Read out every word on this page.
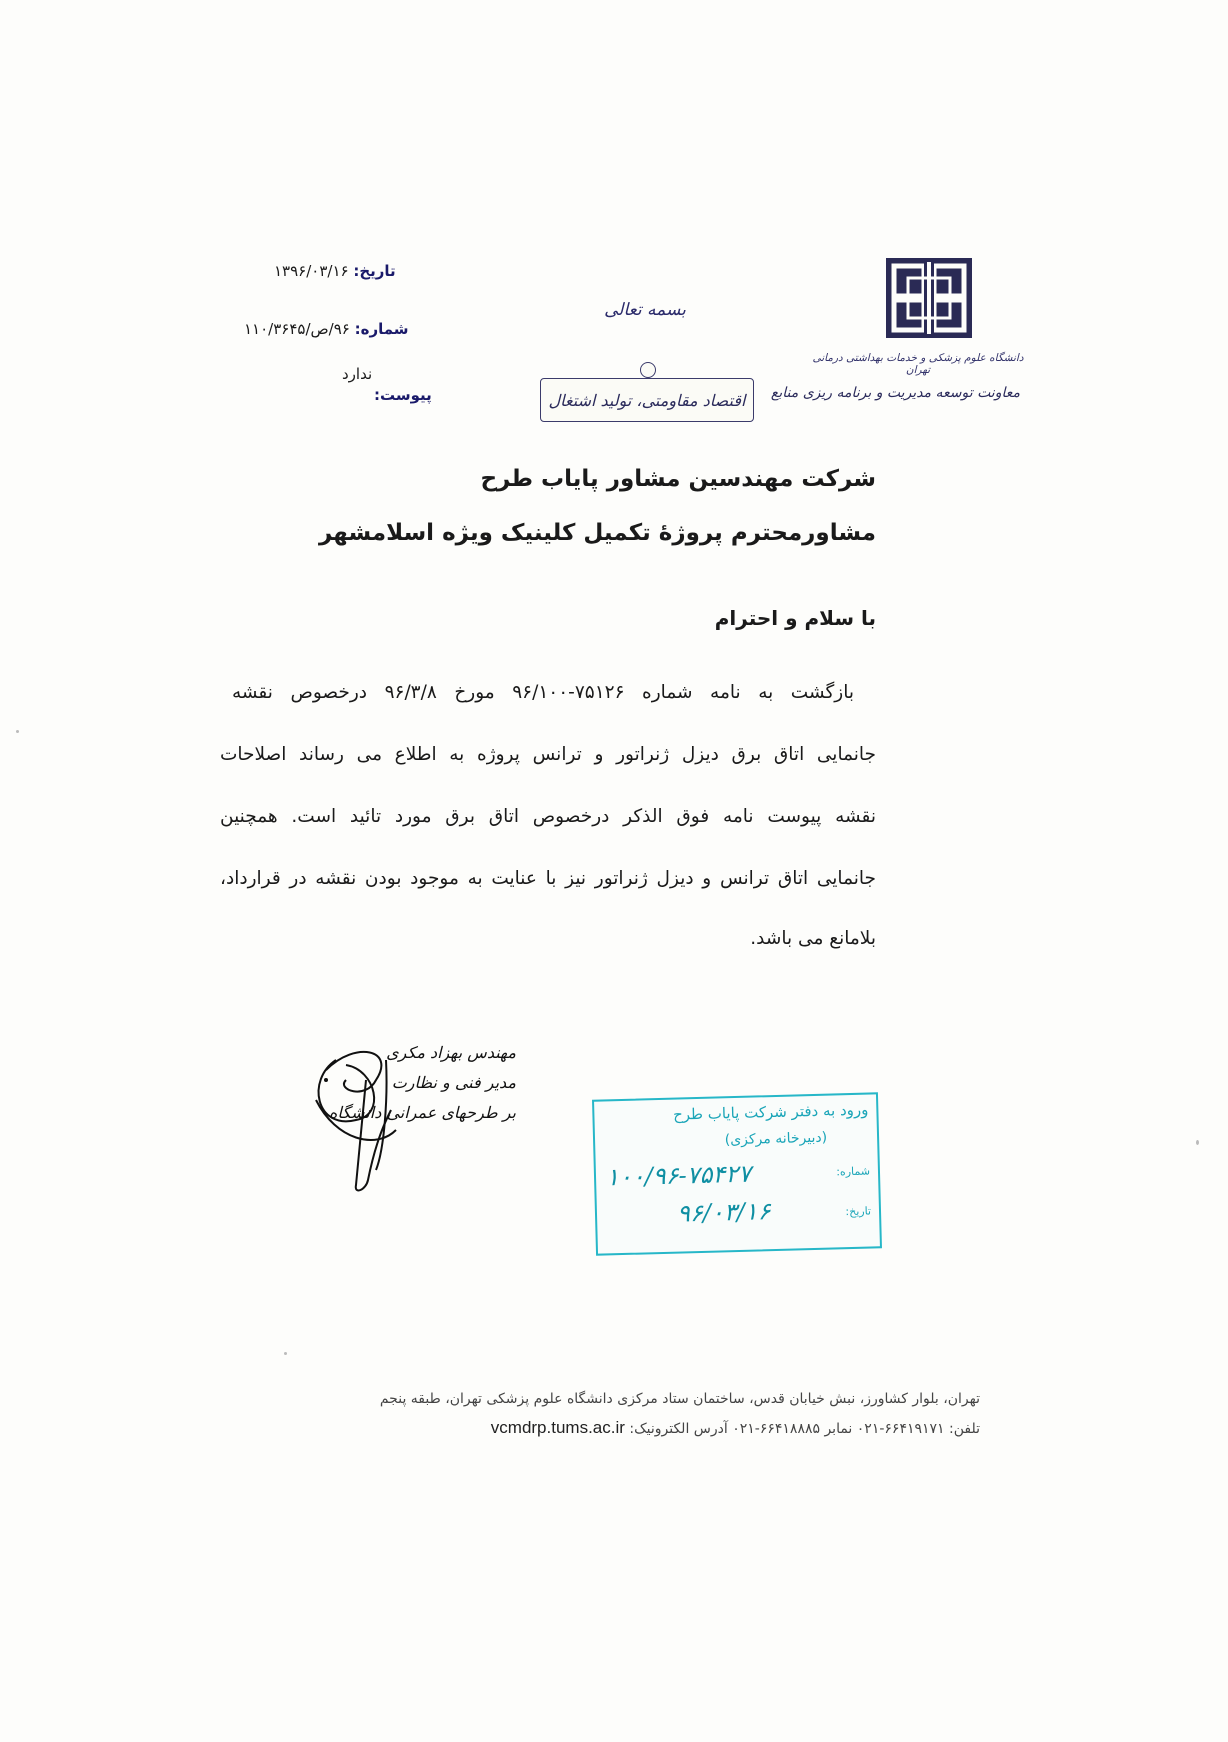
تاریخ: ۱۳۹۶/۰۳/۱۶
شماره: ۹۶/ص/۱۱۰/۳۶۴۵
ندارد
پیوست:
بسمه تعالی
اقتصاد مقاومتی، تولید اشتغال
دانشگاه علوم پزشکی و خدمات بهداشتی درمانی تهران
معاونت توسعه مدیریت و برنامه ریزی منابع
شرکت مهندسین مشاور پایاب طرح
مشاورمحترم پروژهٔ تکمیل کلینیک ویژه اسلامشهر
با سلام و احترام
بازگشت به نامه شماره ۷۵۱۲۶-۹۶/۱۰۰ مورخ ۹۶/۳/۸ درخصوص نقشه
جانمایی اتاق برق دیزل ژنراتور و ترانس پروژه به اطلاع می رساند اصلاحات
نقشه پیوست نامه فوق الذکر درخصوص اتاق برق مورد تائید است. همچنین
جانمایی اتاق ترانس و دیزل ژنراتور نیز با عنایت به موجود بودن نقشه در قرارداد،
بلامانع می باشد.
مهندس بهزاد مکری
مدیر فنی و نظارت
بر طرحهای عمرانی دانشگاه	ورود به دفتر شرکت پایاب طرح
(دبیرخانه مرکزی)
شماره:
۱۰۰/۹۶-۷۵۴۲۷
تاریخ:
۹۶/۰۳/۱۶
تهران، بلوار کشاورز، نبش خیابان قدس، ساختمان ستاد مرکزی دانشگاه علوم پزشکی تهران، طبقه پنجم
تلفن: ۶۶۴۱۹۱۷۱-۰۲۱ نمابر ۶۶۴۱۸۸۸۵-۰۲۱ آدرس الکترونیک: vcmdrp.tums.ac.ir
